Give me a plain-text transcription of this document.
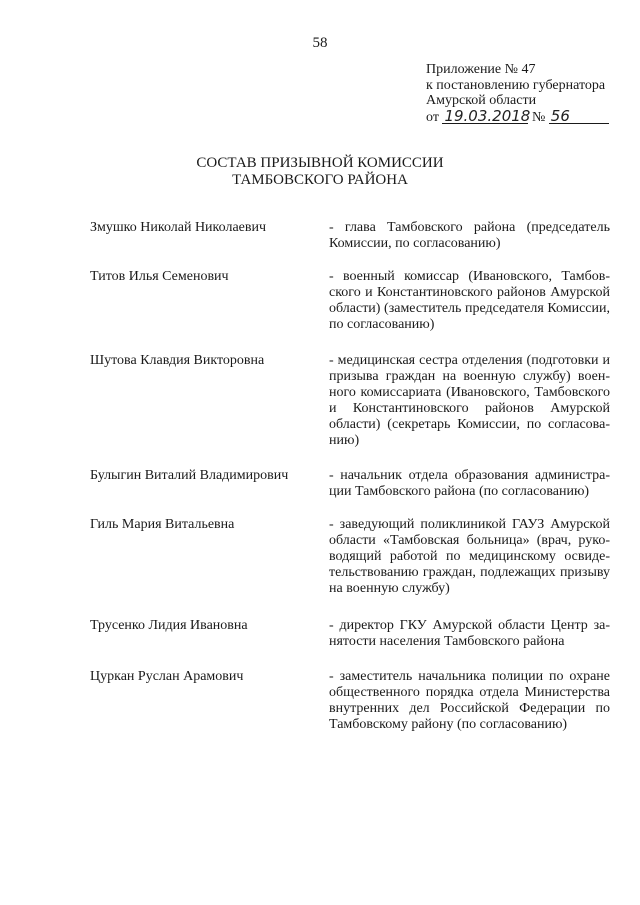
58
Приложение № 47
к постановлению губернатора
Амурской области
от 19.03.2018 № 56
СОСТАВ ПРИЗЫВНОЙ КОМИССИИ
ТАМБОВСКОГО РАЙОНА
Змушко Николай Николаевич	- глава Тамбовского района (председатель Комиссии, по согласованию)
Титов Илья Семенович	- военный комиссар (Ивановского, Тамбовского и Константиновского районов Амурской области) (заместитель председателя Комиссии, по согласованию)
Шутова Клавдия Викторовна	- медицинская сестра отделения (подготовки и призыва граждан на военную службу) военного комиссариата (Ивановского, Тамбовского и Константиновского районов Амурской области) (секретарь Комиссии, по согласованию)
Булыгин Виталий Владимирович	- начальник отдела образования администрации Тамбовского района (по согласованию)
Гиль Мария Витальевна	- заведующий поликлиникой ГАУЗ Амурской области «Тамбовская больница» (врач, руководящий работой по медицинскому освидетельствованию граждан, подлежащих призыву на военную службу)
Трусенко Лидия Ивановна	- директор ГКУ Амурской области Центр занятости населения Тамбовского района
Цуркан Руслан Арамович	- заместитель начальника полиции по охране общественного порядка отдела Министерства внутренних дел Российской Федерации по Тамбовскому району (по согласованию)
